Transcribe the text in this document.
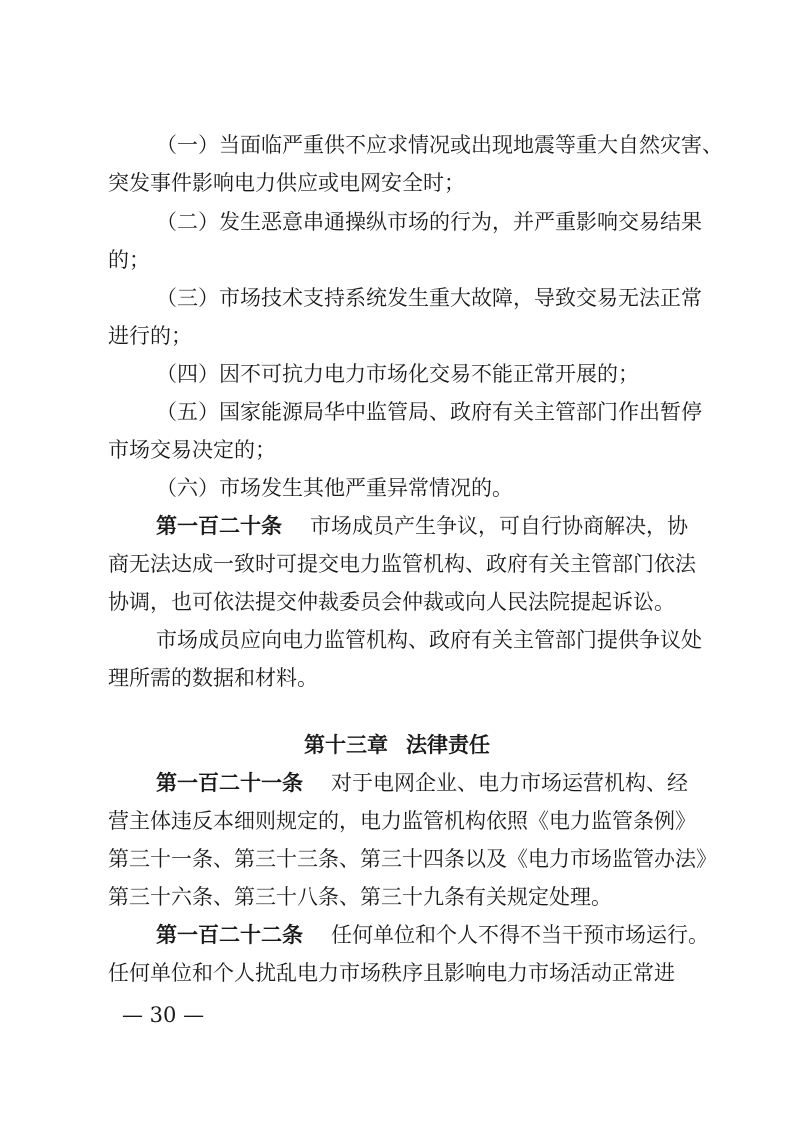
（一）当面临严重供不应求情况或出现地震等重大自然灾害、
突发事件影响电力供应或电网安全时；
（二）发生恶意串通操纵市场的行为，并严重影响交易结果
的；
（三）市场技术支持系统发生重大故障，导致交易无法正常
进行的；
（四）因不可抗力电力市场化交易不能正常开展的；
（五）国家能源局华中监管局、政府有关主管部门作出暂停
市场交易决定的；
（六）市场发生其他严重异常情况的。
第一百二十条 市场成员产生争议，可自行协商解决，协
商无法达成一致时可提交电力监管机构、政府有关主管部门依法
协调，也可依法提交仲裁委员会仲裁或向人民法院提起诉讼。
市场成员应向电力监管机构、政府有关主管部门提供争议处
理所需的数据和材料。
第十三章 法律责任
第一百二十一条 对于电网企业、电力市场运营机构、经
营主体违反本细则规定的，电力监管机构依照《电力监管条例》
第三十一条、第三十三条、第三十四条以及《电力市场监管办法》
第三十六条、第三十八条、第三十九条有关规定处理。
第一百二十二条 任何单位和个人不得不当干预市场运行。
任何单位和个人扰乱电力市场秩序且影响电力市场活动正常进
— 30 —
